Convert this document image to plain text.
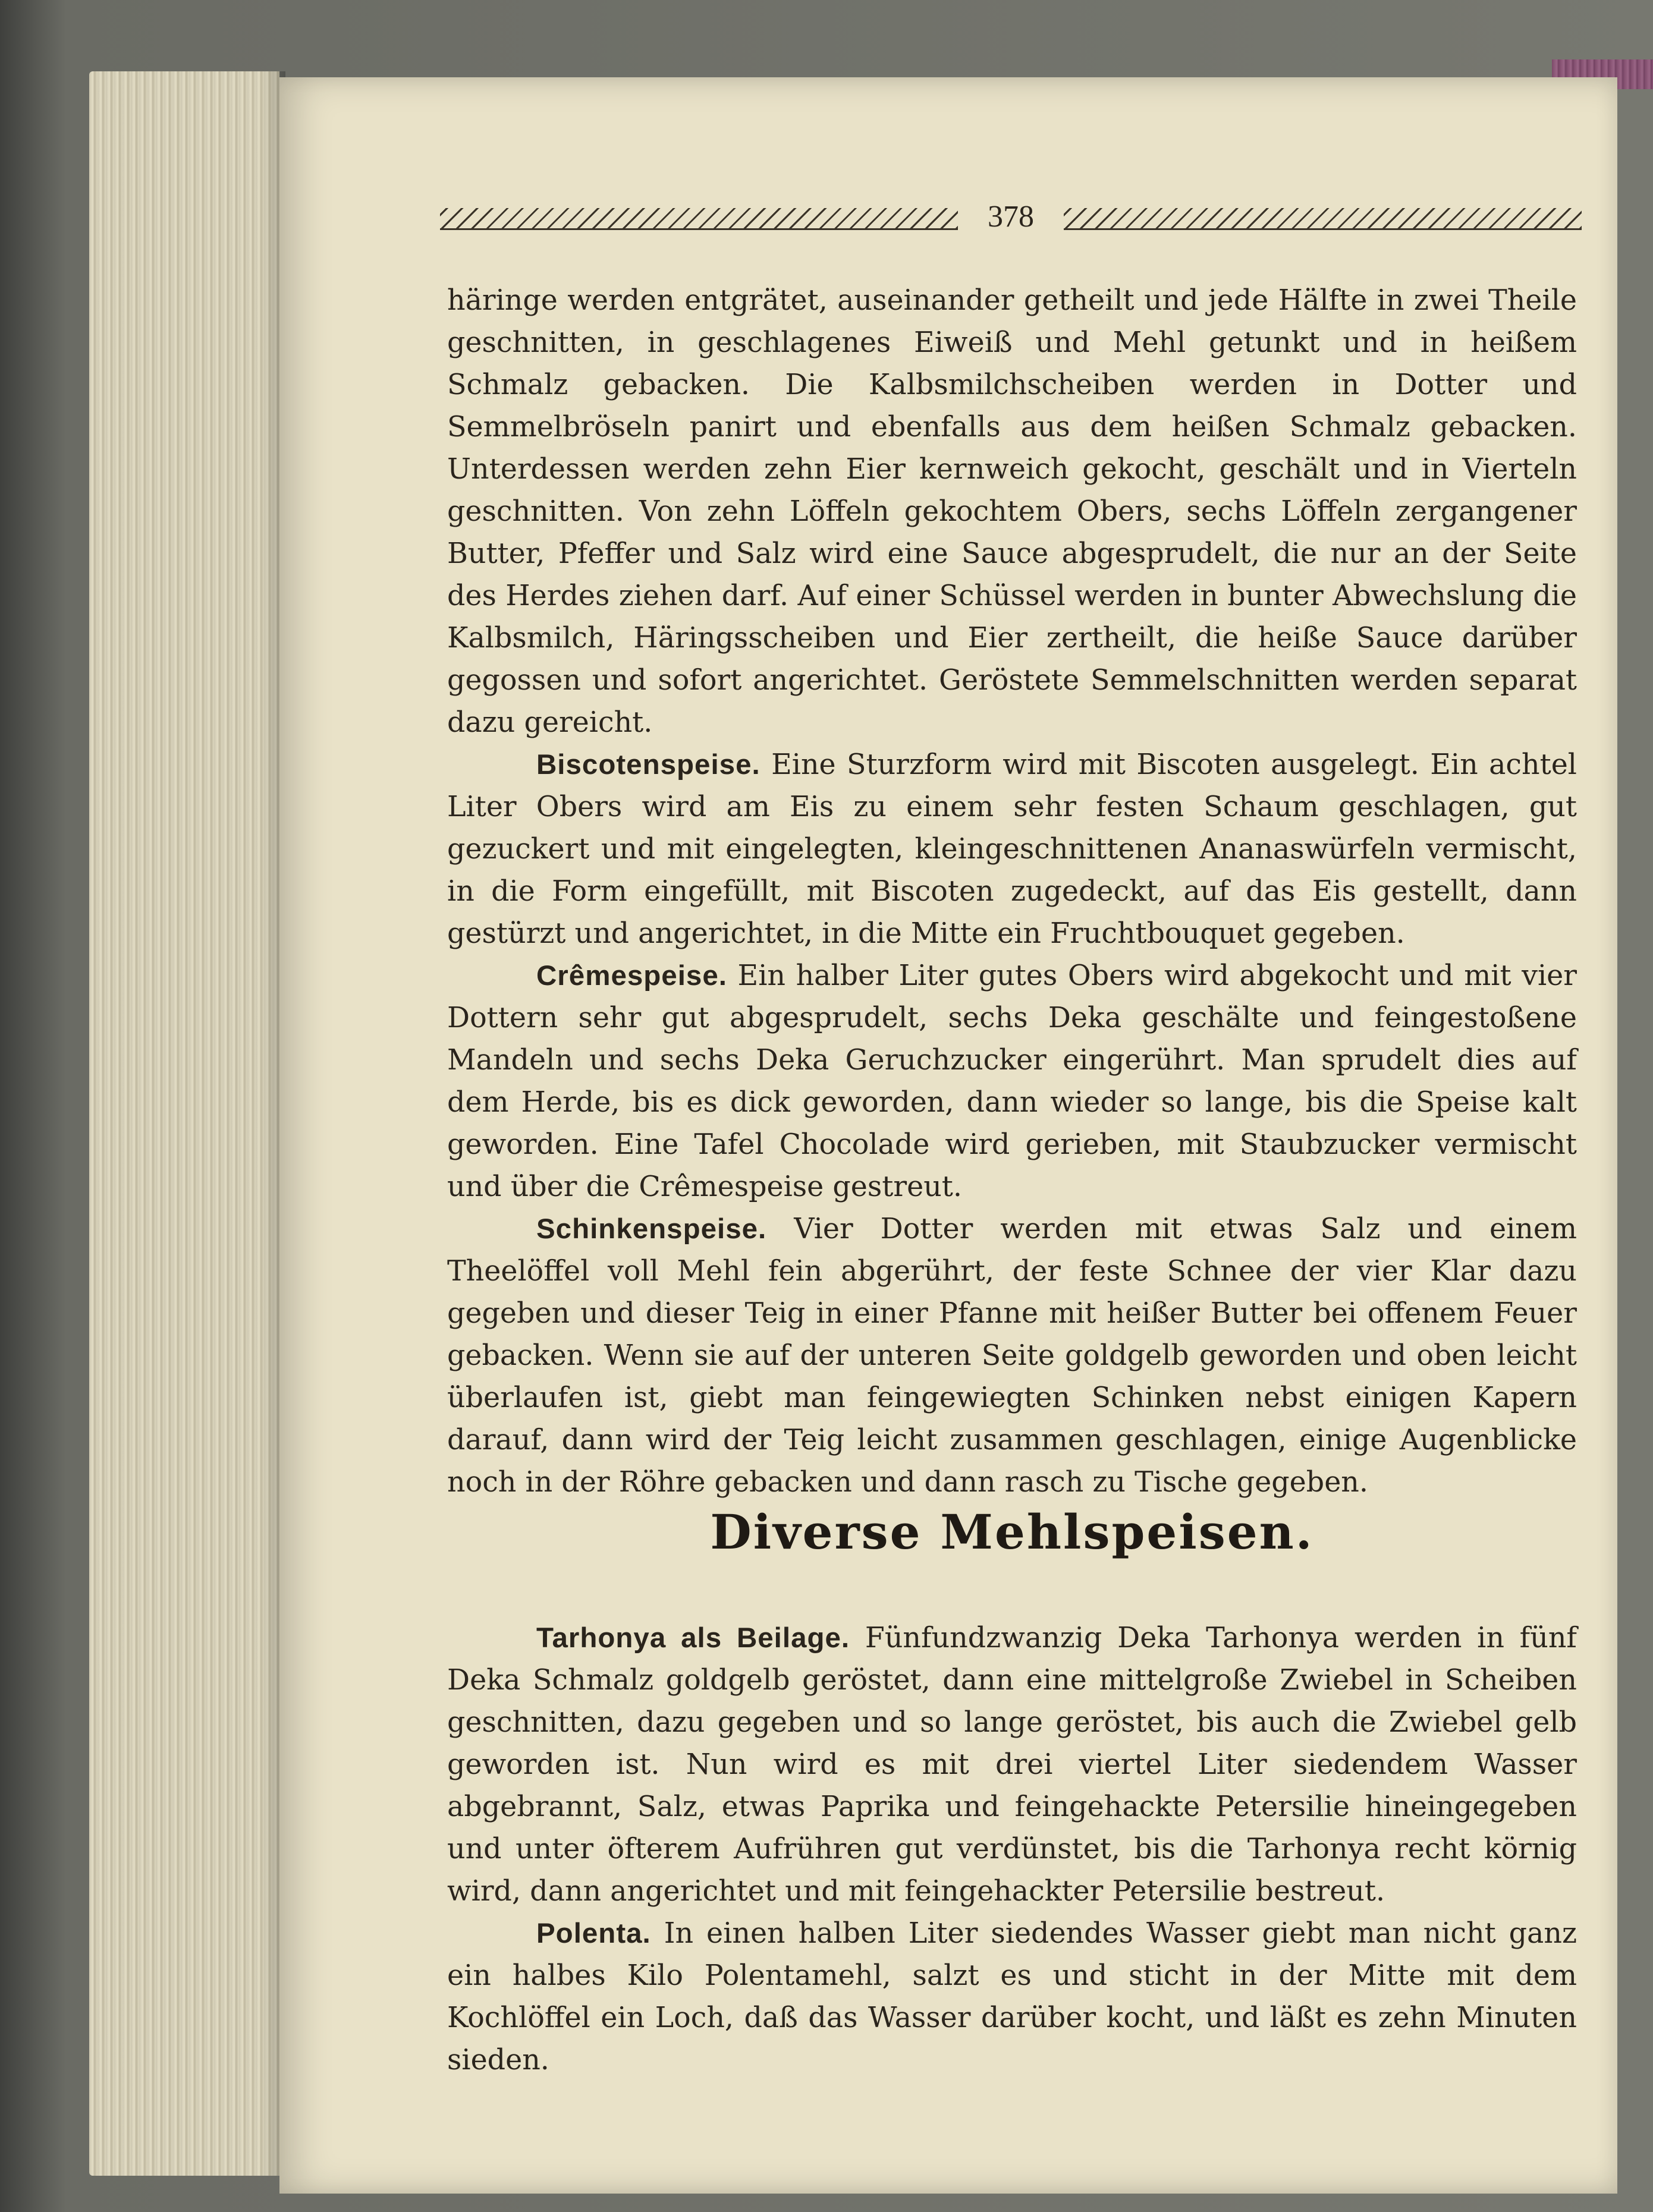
378

häringe werden entgrätet, auseinander getheilt und jede Hälfte in zwei Theile geschnitten, in geschlagenes Eiweiß und Mehl getunkt und in heißem Schmalz gebacken. Die Kalbsmilchscheiben werden in Dotter und Semmelbröseln panirt und ebenfalls aus dem heißen Schmalz gebacken. Unterdessen werden zehn Eier kernweich gekocht, geschält und in Vierteln geschnitten. Von zehn Löffeln gekochtem Obers, sechs Löffeln zergangener Butter, Pfeffer und Salz wird eine Sauce abgesprudelt, die nur an der Seite des Herdes ziehen darf. Auf einer Schüssel werden in bunter Abwechslung die Kalbsmilch, Häringsscheiben und Eier zertheilt, die heiße Sauce darüber gegossen und sofort angerichtet. Geröstete Semmelschnitten werden separat dazu gereicht.

Biscotenspeise. Eine Sturzform wird mit Biscoten ausgelegt. Ein achtel Liter Obers wird am Eis zu einem sehr festen Schaum geschlagen, gut gezuckert und mit eingelegten, kleingeschnittenen Ananaswürfeln vermischt, in die Form eingefüllt, mit Biscoten zugedeckt, auf das Eis gestellt, dann gestürzt und angerichtet, in die Mitte ein Fruchtbouquet gegeben.

Crêmespeise. Ein halber Liter gutes Obers wird abgekocht und mit vier Dottern sehr gut abgesprudelt, sechs Deka geschälte und feingestoßene Mandeln und sechs Deka Geruchzucker eingerührt. Man sprudelt dies auf dem Herde, bis es dick geworden, dann wieder so lange, bis die Speise kalt geworden. Eine Tafel Chocolade wird gerieben, mit Staubzucker vermischt und über die Crêmespeise gestreut.

Schinkenspeise. Vier Dotter werden mit etwas Salz und einem Theelöffel voll Mehl fein abgerührt, der feste Schnee der vier Klar dazu gegeben und dieser Teig in einer Pfanne mit heißer Butter bei offenem Feuer gebacken. Wenn sie auf der unteren Seite goldgelb geworden und oben leicht überlaufen ist, giebt man feingewiegten Schinken nebst einigen Kapern darauf, dann wird der Teig leicht zusammen geschlagen, einige Augenblicke noch in der Röhre gebacken und dann rasch zu Tische gegeben.

Diverse Mehlspeisen.

Tarhonya als Beilage. Fünfundzwanzig Deka Tarhonya werden in fünf Deka Schmalz goldgelb geröstet, dann eine mittelgroße Zwiebel in Scheiben geschnitten, dazu gegeben und so lange geröstet, bis auch die Zwiebel gelb geworden ist. Nun wird es mit drei viertel Liter siedendem Wasser abgebrannt, Salz, etwas Paprika und feingehackte Petersilie hineingegeben und unter öfterem Aufrühren gut verdünstet, bis die Tarhonya recht körnig wird, dann angerichtet und mit feingehackter Petersilie bestreut.

Polenta. In einen halben Liter siedendes Wasser giebt man nicht ganz ein halbes Kilo Polentamehl, salzt es und sticht in der Mitte mit dem Kochlöffel ein Loch, daß das Wasser darüber kocht, und läßt es zehn Minuten sieden.
